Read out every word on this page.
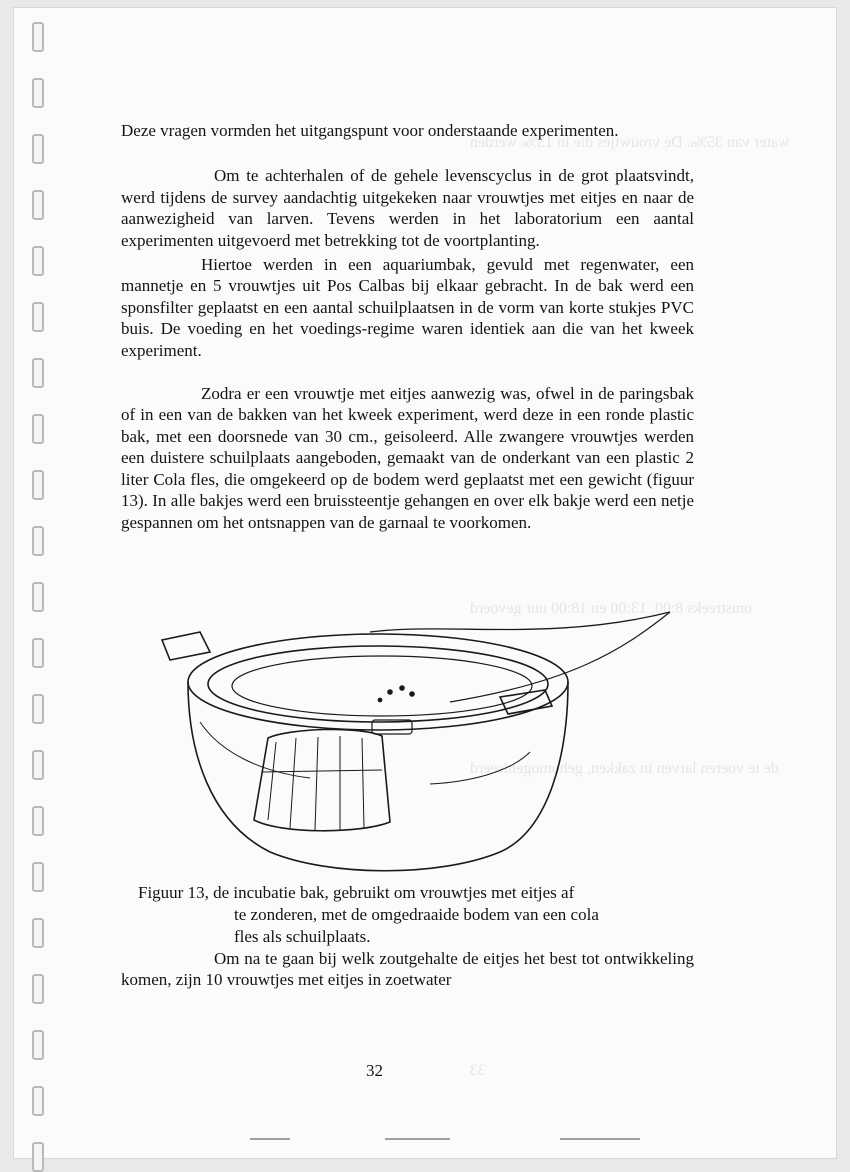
water van 35‰. De vrouwtjes die in 15‰ werden
omstreeks 8:00, 13:00 en 18:00 uur gevoerd
de te voeren larven in zakken, gehomogeniseerd
33

Deze vragen vormden het uitgangspunt voor onderstaande experimenten.

Om te achterhalen of de gehele levenscyclus in de grot plaatsvindt, werd tijdens de survey aandachtig uitgekeken naar vrouwtjes met eitjes en naar de aanwezigheid van larven. Tevens werden in het laboratorium een aantal experimenten uitgevoerd met betrekking tot de voortplanting.

Hiertoe werden in een aquariumbak, gevuld met regenwater, een mannetje en 5 vrouwtjes uit Pos Calbas bij elkaar gebracht. In de bak werd een sponsfilter geplaatst en een aantal schuilplaatsen in de vorm van korte stukjes PVC buis. De voeding en het voedings-regime waren identiek aan die van het kweek experiment.

Zodra er een vrouwtje met eitjes aanwezig was, ofwel in de paringsbak of in een van de bakken van het kweek experiment, werd deze in een ronde plastic bak, met een doorsnede van 30 cm., geisoleerd. Alle zwangere vrouwtjes werden een duistere schuilplaats aangeboden, gemaakt van de onderkant van een plastic 2 liter Cola fles, die omgekeerd op de bodem werd geplaatst met een gewicht (figuur 13). In alle bakjes werd een bruissteentje gehangen en over elk bakje werd een netje gespannen om het ontsnappen van de garnaal te voorkomen.

Figuur 13, de incubatie bak, gebruikt om vrouwtjes met eitjes af
te zonderen, met de omgedraaide bodem van een cola
fles als schuilplaats.

Om na te gaan bij welk zoutgehalte de eitjes het best tot ontwikkeling komen, zijn 10 vrouwtjes met eitjes in zoetwater

32
